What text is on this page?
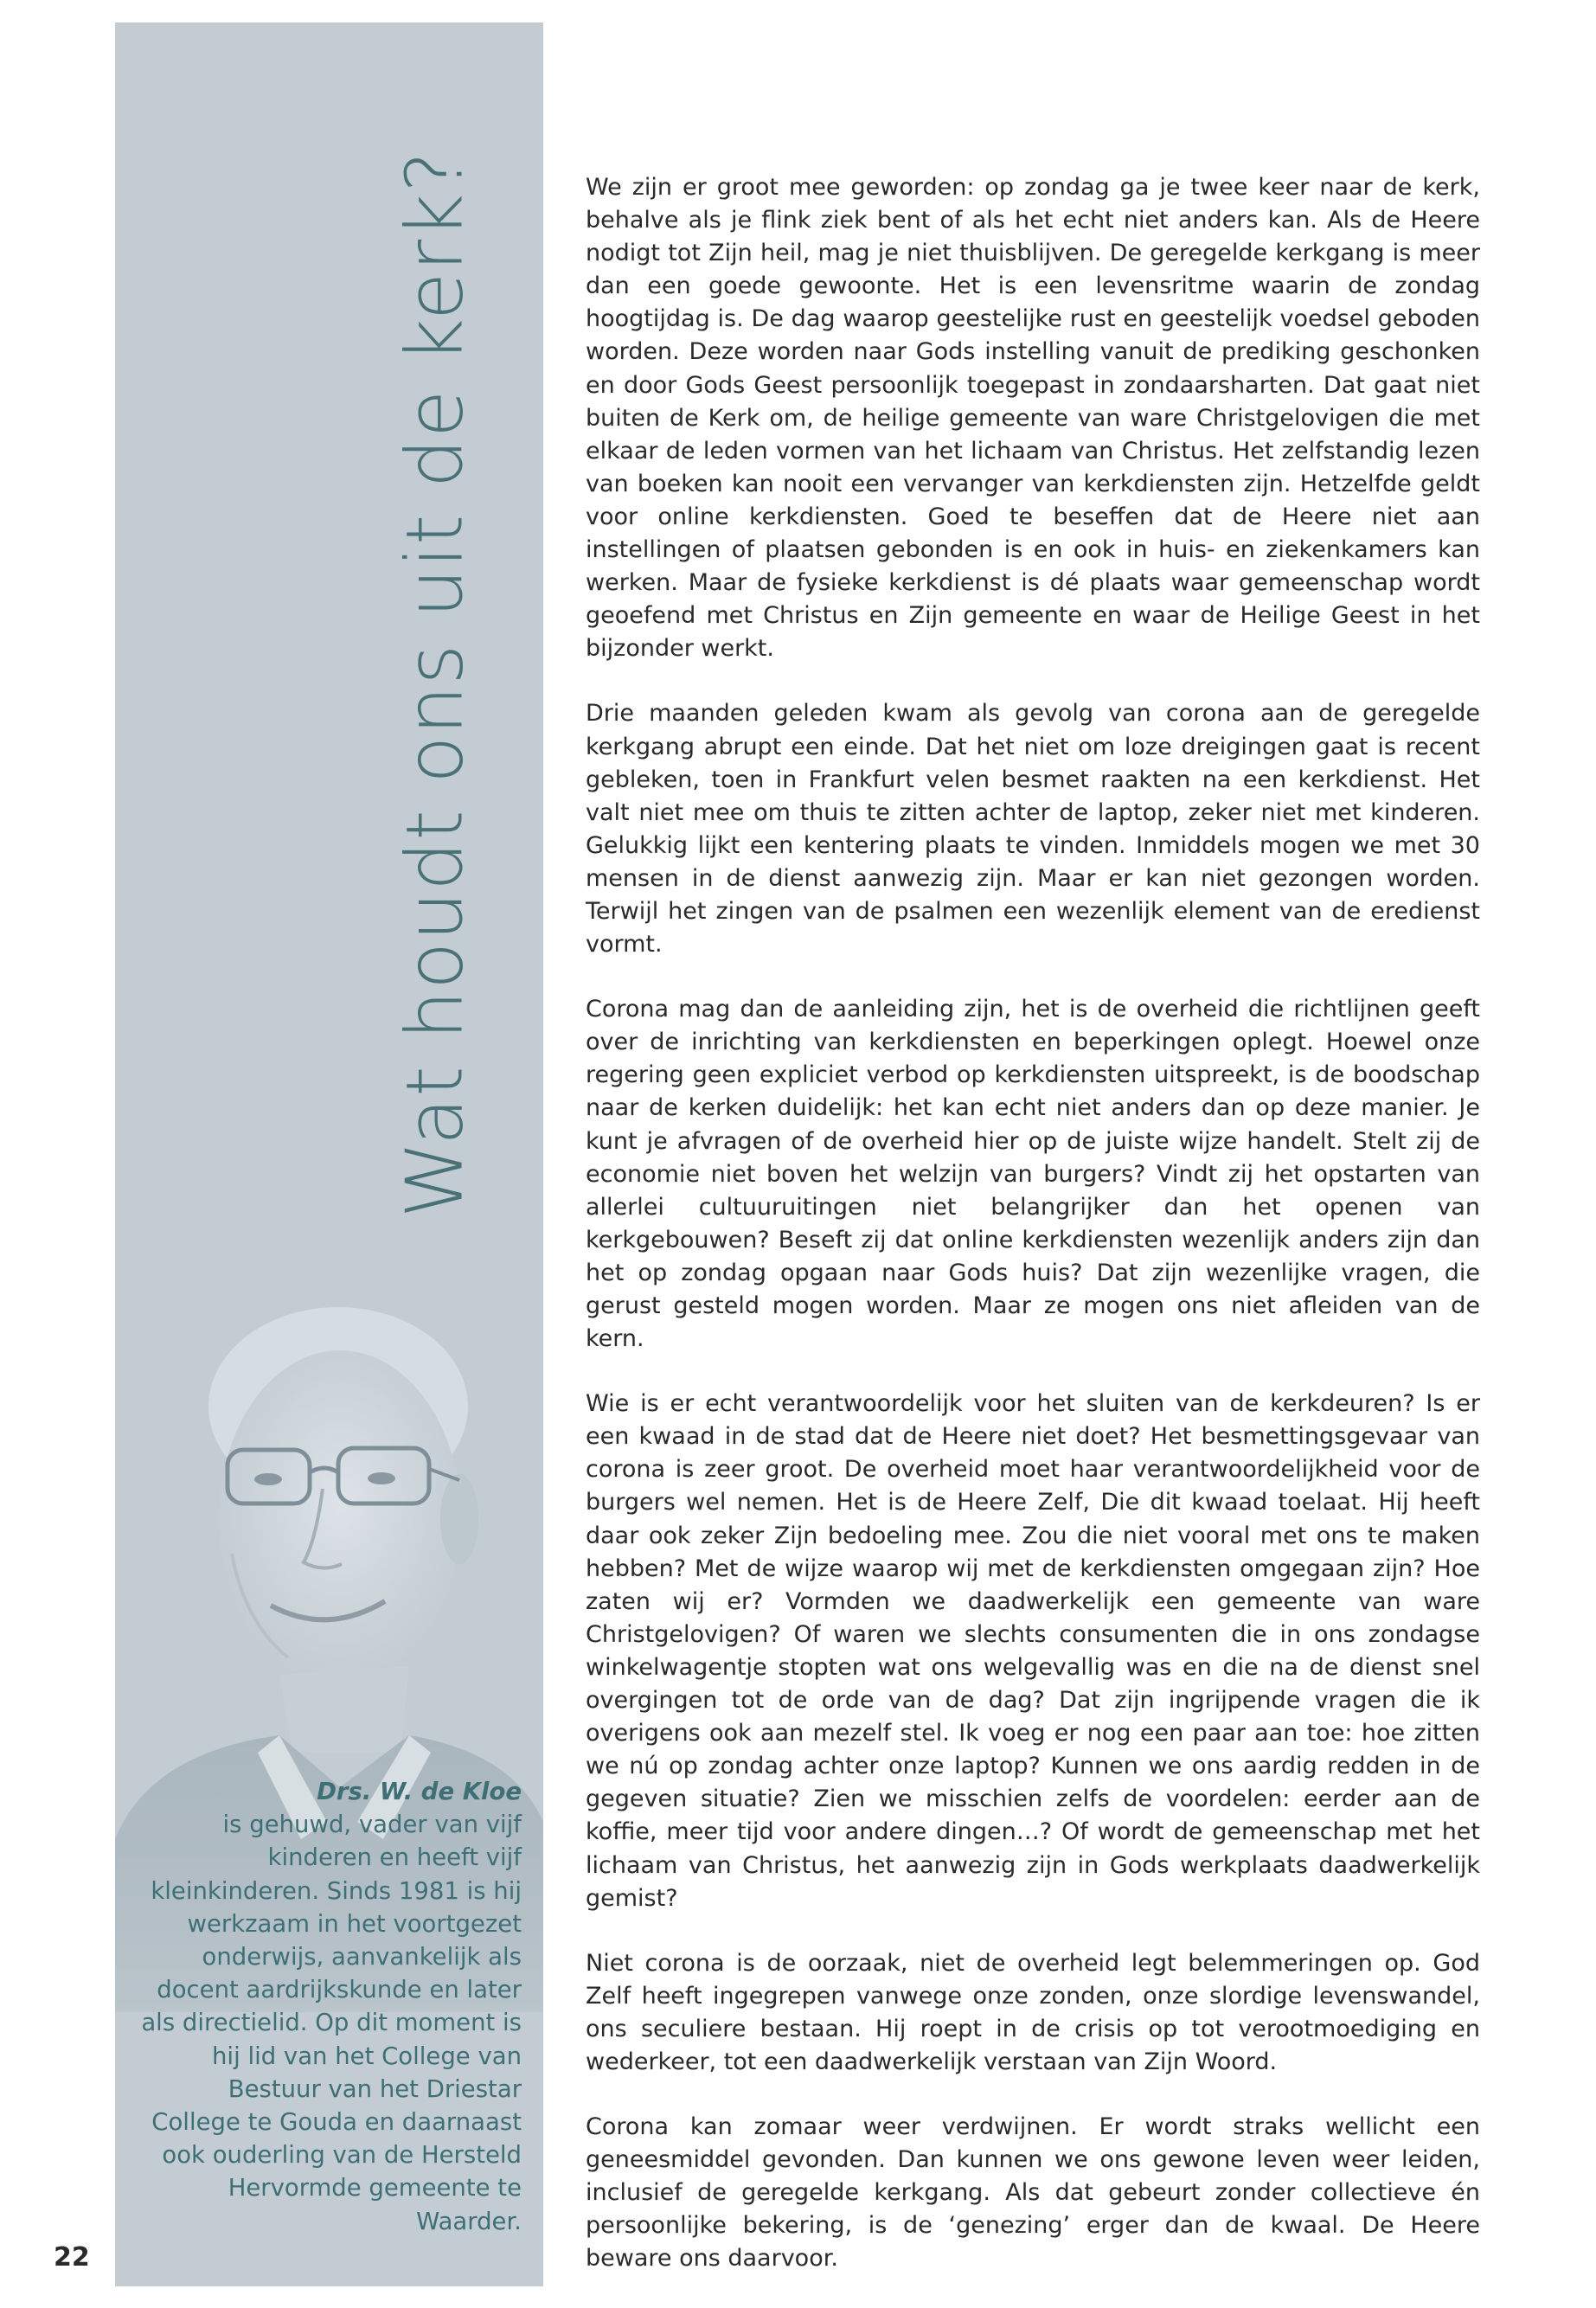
Wat houdt ons uit de kerk?
Drs. W. de Kloe
is gehuwd, vader van vijf kinderen en heeft vijf kleinkinderen. Sinds 1981 is hij werkzaam in het voortgezet onderwijs, aanvankelijk als docent aardrijkskunde en later als directielid. Op dit moment is hij lid van het College van Bestuur van het Driestar College te Gouda en daarnaast ook ouderling van de Hersteld Hervormde gemeente te Waarder.

We zijn er groot mee geworden: op zondag ga je twee keer naar de kerk, behalve als je flink ziek bent of als het echt niet anders kan. Als de Heere nodigt tot Zijn heil, mag je niet thuisblijven. De geregelde kerkgang is meer dan een goede gewoonte. Het is een levensritme waarin de zondag hoogtijdag is. De dag waarop geestelijke rust en geestelijk voedsel geboden worden. Deze worden naar Gods instelling vanuit de prediking geschonken en door Gods Geest persoonlijk toegepast in zondaarsharten. Dat gaat niet buiten de Kerk om, de heilige gemeente van ware Christgelovigen die met elkaar de leden vormen van het lichaam van Christus. Het zelfstandig lezen van boeken kan nooit een vervanger van kerkdiensten zijn. Hetzelfde geldt voor online kerkdiensten. Goed te beseffen dat de Heere niet aan instellingen of plaatsen gebonden is en ook in huis- en ziekenkamers kan werken. Maar de fysieke kerkdienst is dé plaats waar gemeenschap wordt geoefend met Christus en Zijn gemeente en waar de Heilige Geest in het bijzonder werkt.

Drie maanden geleden kwam als gevolg van corona aan de geregelde kerkgang abrupt een einde. Dat het niet om loze dreigingen gaat is recent gebleken, toen in Frankfurt velen besmet raakten na een kerkdienst. Het valt niet mee om thuis te zitten achter de laptop, zeker niet met kinderen. Gelukkig lijkt een kentering plaats te vinden. Inmiddels mogen we met 30 mensen in de dienst aanwezig zijn. Maar er kan niet gezongen worden. Terwijl het zingen van de psalmen een wezenlijk element van de eredienst vormt.

Corona mag dan de aanleiding zijn, het is de overheid die richtlijnen geeft over de inrichting van kerkdiensten en beperkingen oplegt. Hoewel onze regering geen expliciet verbod op kerkdiensten uitspreekt, is de boodschap naar de kerken duidelijk: het kan echt niet anders dan op deze manier. Je kunt je afvragen of de overheid hier op de juiste wijze handelt. Stelt zij de economie niet boven het welzijn van burgers? Vindt zij het opstarten van allerlei cultuuruitingen niet belangrijker dan het openen van kerkgebouwen? Beseft zij dat online kerkdiensten wezenlijk anders zijn dan het op zondag opgaan naar Gods huis? Dat zijn wezenlijke vragen, die gerust gesteld mogen worden. Maar ze mogen ons niet afleiden van de kern.

Wie is er echt verantwoordelijk voor het sluiten van de kerkdeuren? Is er een kwaad in de stad dat de Heere niet doet? Het besmettingsgevaar van corona is zeer groot. De overheid moet haar verantwoordelijkheid voor de burgers wel nemen. Het is de Heere Zelf, Die dit kwaad toelaat. Hij heeft daar ook zeker Zijn bedoeling mee. Zou die niet vooral met ons te maken hebben? Met de wijze waarop wij met de kerkdiensten omgegaan zijn? Hoe zaten wij er? Vormden we daadwerkelijk een gemeente van ware Christgelovigen? Of waren we slechts consumenten die in ons zondagse winkelwagentje stopten wat ons welgevallig was en die na de dienst snel overgingen tot de orde van de dag? Dat zijn ingrijpende vragen die ik overigens ook aan mezelf stel. Ik voeg er nog een paar aan toe: hoe zitten we nú op zondag achter onze laptop? Kunnen we ons aardig redden in de gegeven situatie? Zien we misschien zelfs de voordelen: eerder aan de koffie, meer tijd voor andere dingen…? Of wordt de gemeenschap met het lichaam van Christus, het aanwezig zijn in Gods werkplaats daadwerkelijk gemist?

Niet corona is de oorzaak, niet de overheid legt belemmeringen op. God Zelf heeft ingegrepen vanwege onze zonden, onze slordige levenswandel, ons seculiere bestaan. Hij roept in de crisis op tot verootmoediging en wederkeer, tot een daadwerkelijk verstaan van Zijn Woord.

Corona kan zomaar weer verdwijnen. Er wordt straks wellicht een geneesmiddel gevonden. Dan kunnen we ons gewone leven weer leiden, inclusief de geregelde kerkgang. Als dat gebeurt zonder collectieve én persoonlijke bekering, is de ‘genezing’ erger dan de kwaal. De Heere beware ons daarvoor.

22
